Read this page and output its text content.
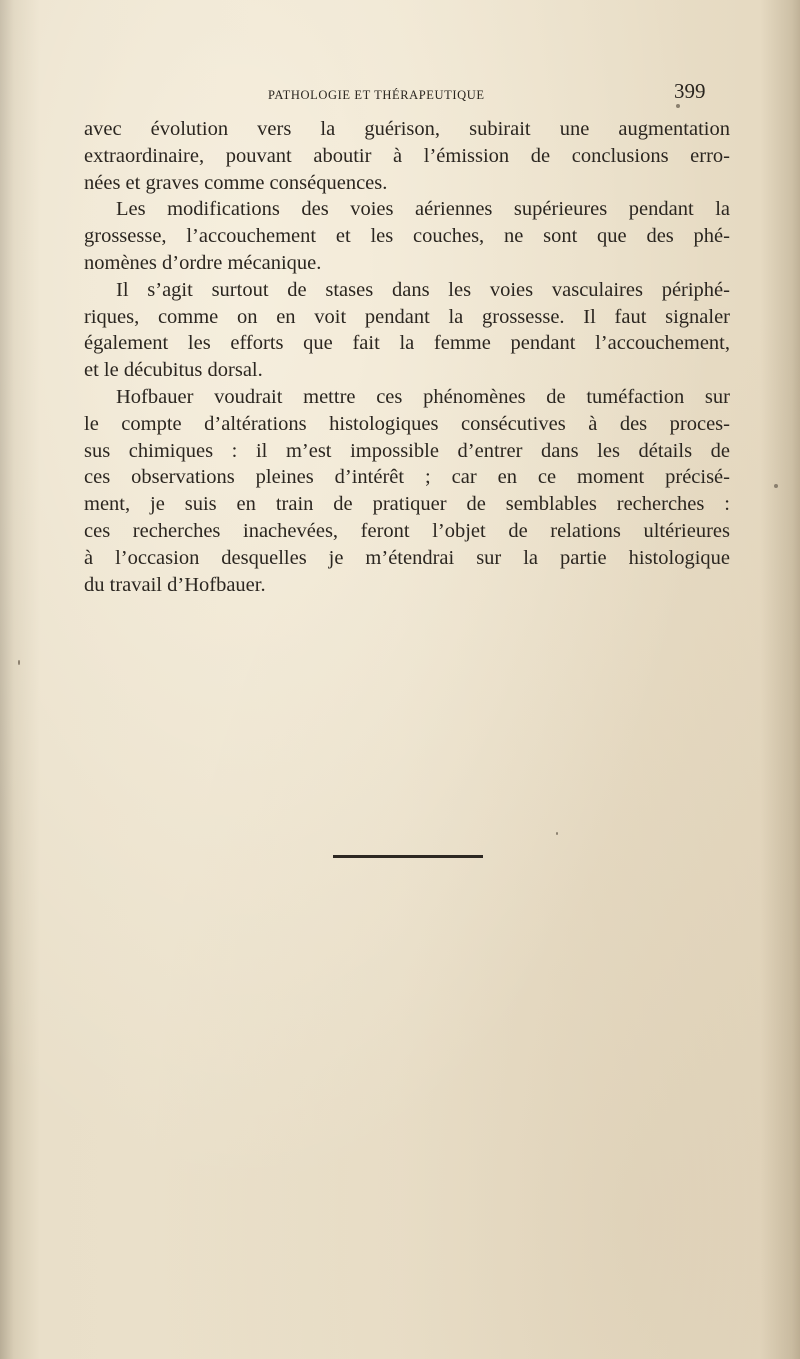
PATHOLOGIE ET THÉRAPEUTIQUE	399
avec évolution vers la guérison, subirait une augmentation
extraordinaire, pouvant aboutir à l’émission de conclusions erro-
nées et graves comme conséquences.
Les modifications des voies aériennes supérieures pendant la
grossesse, l’accouchement et les couches, ne sont que des phé-
nomènes d’ordre mécanique.
Il s’agit surtout de stases dans les voies vasculaires périphé-
riques, comme on en voit pendant la grossesse. Il faut signaler
également les efforts que fait la femme pendant l’accouchement,
et le décubitus dorsal.
Hofbauer voudrait mettre ces phénomènes de tuméfaction sur
le compte d’altérations histologiques consécutives à des proces-
sus chimiques : il m’est impossible d’entrer dans les détails de
ces observations pleines d’intérêt ; car en ce moment précisé-
ment, je suis en train de pratiquer de semblables recherches :
ces recherches inachevées, feront l’objet de relations ultérieures
à l’occasion desquelles je m’étendrai sur la partie histologique
du travail d’Hofbauer.
